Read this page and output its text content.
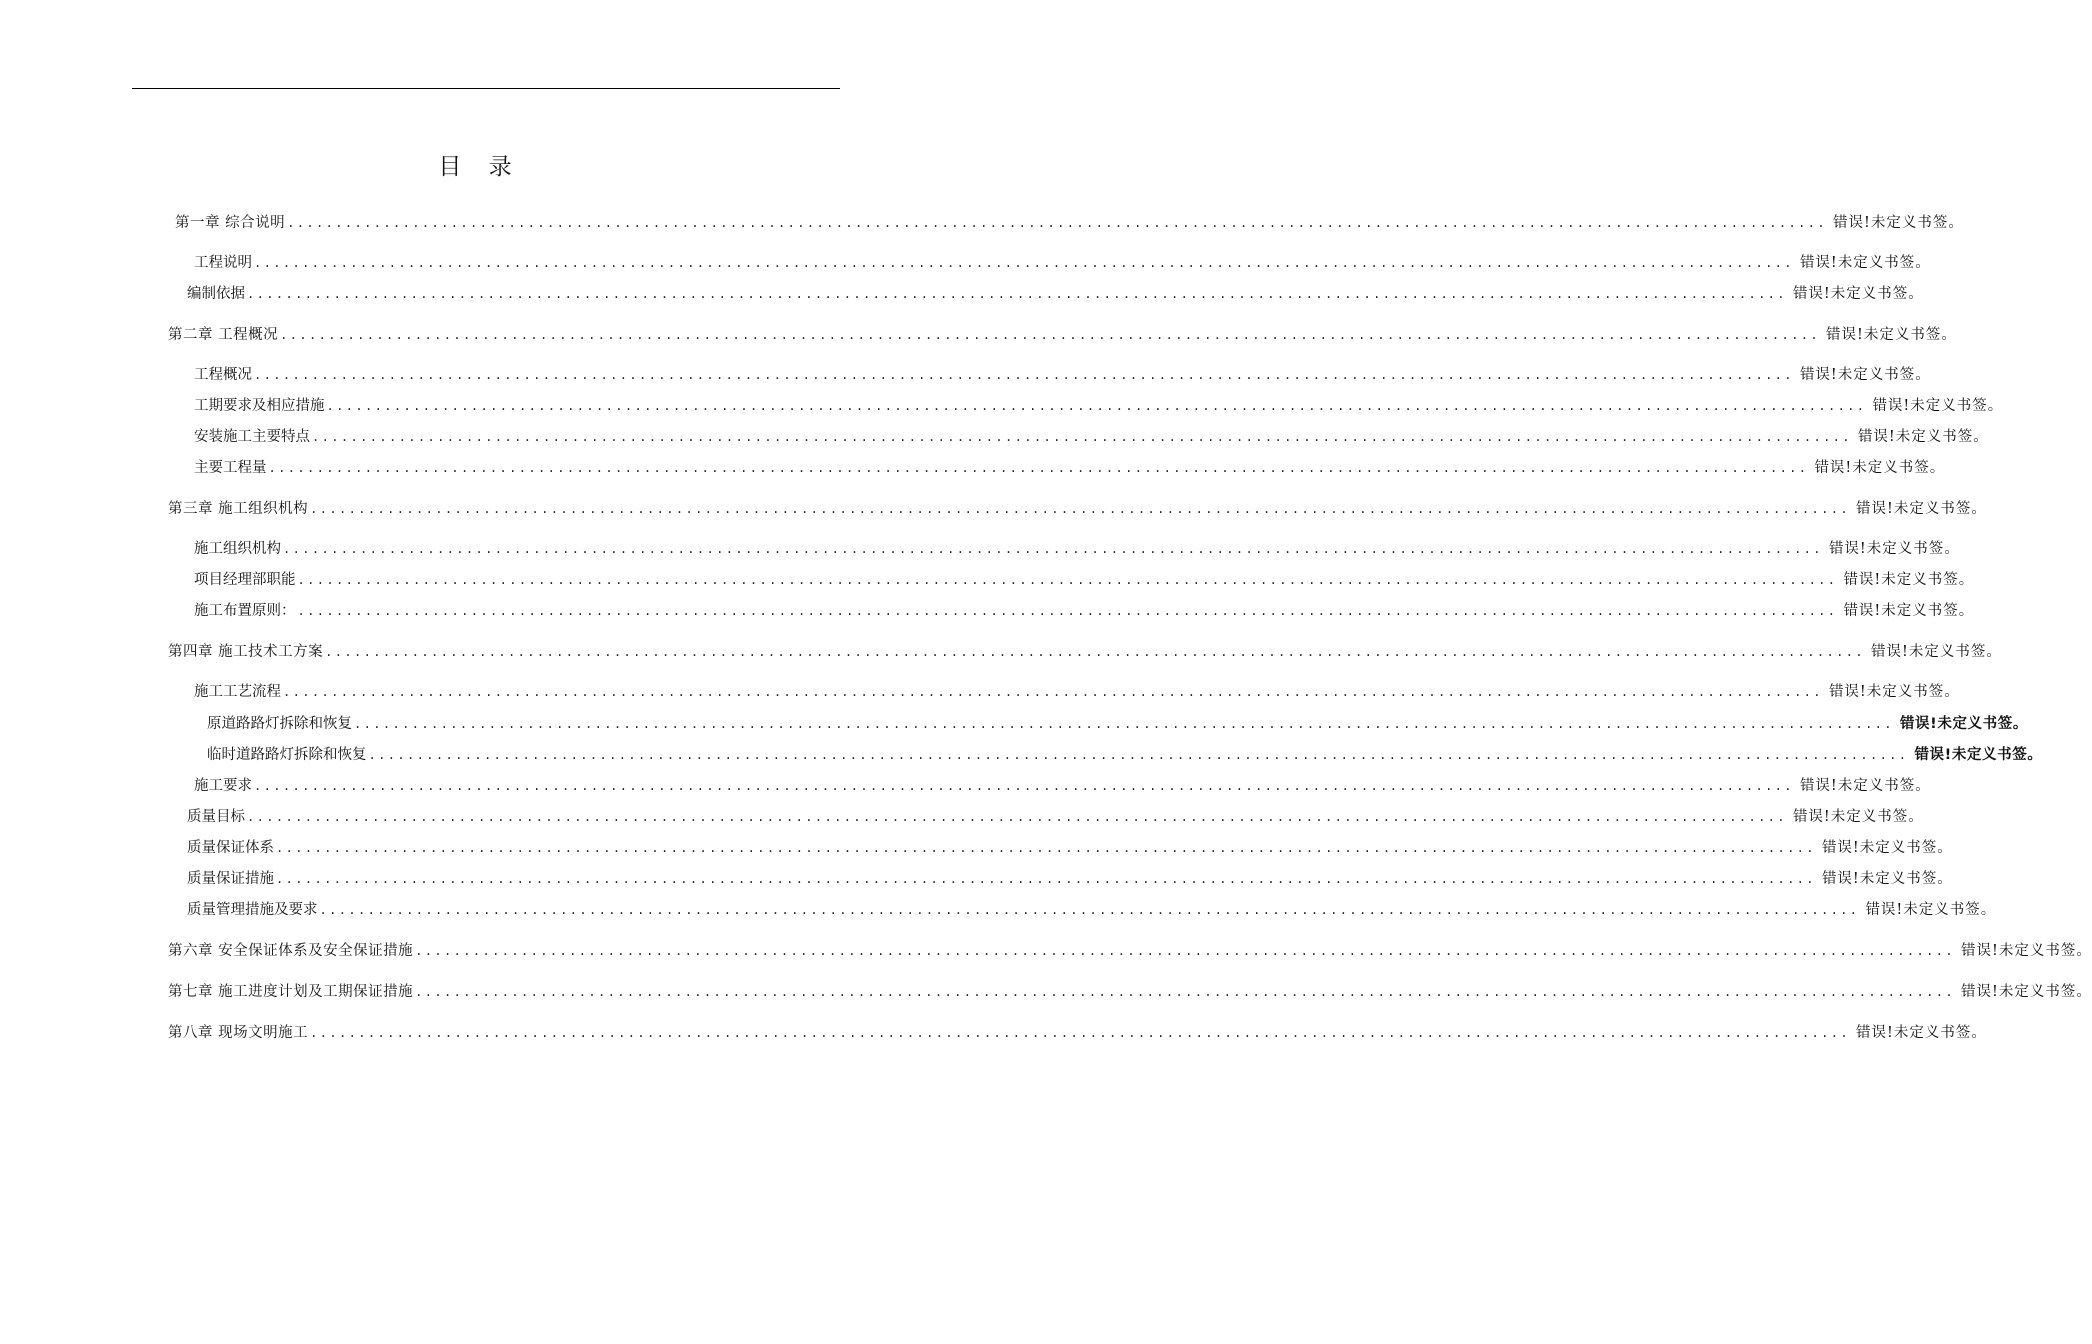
目 录
第一章 综合说明 ................................................................................................................................................................ 错误!未定义书签。
工程说明 ................................................................................................................................................................ 错误!未定义书签。
编制依据 ................................................................................................................................................................ 错误!未定义书签。
第二章 工程概况 ................................................................................................................................................................ 错误!未定义书签。
工程概况 ................................................................................................................................................................ 错误!未定义书签。
工期要求及相应措施 ................................................................................................................................................................ 错误!未定义书签。
安装施工主要特点 ................................................................................................................................................................ 错误!未定义书签。
主要工程量 ................................................................................................................................................................ 错误!未定义书签。
第三章 施工组织机构 ................................................................................................................................................................ 错误!未定义书签。
施工组织机构 ................................................................................................................................................................ 错误!未定义书签。
项目经理部职能 ................................................................................................................................................................ 错误!未定义书签。
施工布置原则： ................................................................................................................................................................ 错误!未定义书签。
第四章 施工技术工方案 ................................................................................................................................................................ 错误!未定义书签。
施工工艺流程 ................................................................................................................................................................ 错误!未定义书签。
原道路路灯拆除和恢复 ................................................................................................................................................................ 错误!未定义书签。
临时道路路灯拆除和恢复 ................................................................................................................................................................ 错误!未定义书签。
施工要求 ................................................................................................................................................................ 错误!未定义书签。
质量目标 ................................................................................................................................................................ 错误!未定义书签。
质量保证体系 ................................................................................................................................................................ 错误!未定义书签。
质量保证措施 ................................................................................................................................................................ 错误!未定义书签。
质量管理措施及要求 ................................................................................................................................................................ 错误!未定义书签。
第六章 安全保证体系及安全保证措施 ................................................................................................................................................................ 错误!未定义书签。
第七章 施工进度计划及工期保证措施 ................................................................................................................................................................ 错误!未定义书签。
第八章 现场文明施工 ................................................................................................................................................................ 错误!未定义书签。
